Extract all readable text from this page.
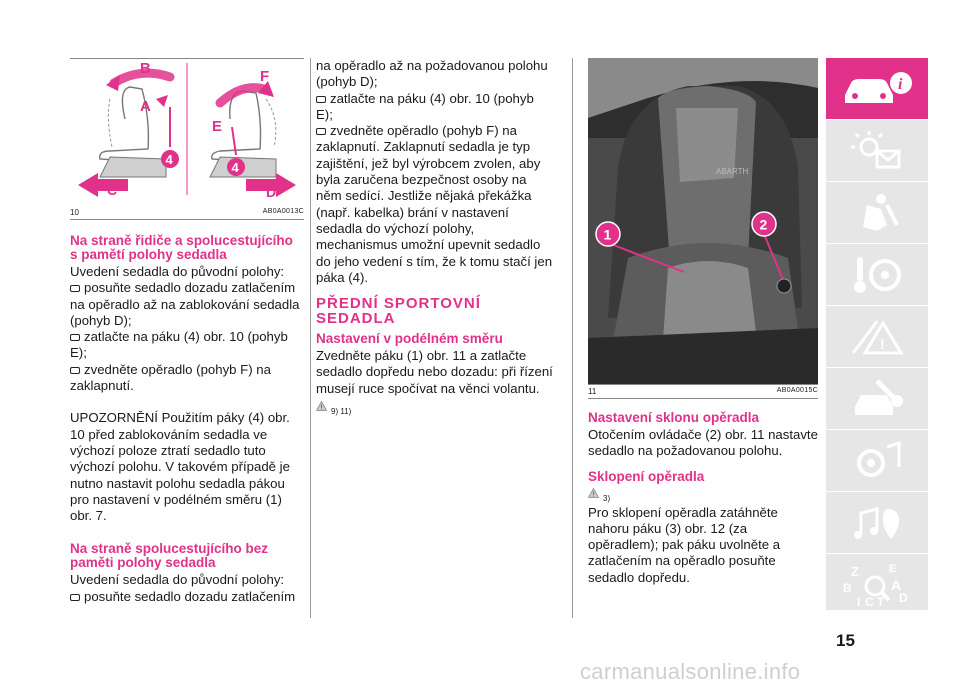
B
A
4
C
F
E
4
D
10	AB0A0013C
Na straně řidiče a spolucestujícího s pamětí polohy sedadla

Uvedení sedadla do původní polohy:

posuňte sedadlo dozadu zatlačením na opěradlo až na zablokování sedadla (pohyb D);

zatlačte na páku (4) obr. 10 (pohyb E);

zvedněte opěradlo (pohyb F) na zaklapnutí.

UPOZORNĚNÍ Použitím páky (4) obr. 10 před zablokováním sedadla ve výchozí poloze ztratí sedadlo tuto výchozí polohu. V takovém případě je nutno nastavit polohu sedadla pákou pro nastavení v podélném směru (1) obr. 7.

Na straně spolucestujícího bez paměti polohy sedadla

Uvedení sedadla do původní polohy:

posuňte sedadlo dozadu zatlačením

na opěradlo až na požadovanou polohu (pohyb D);

zatlačte na páku (4) obr. 10 (pohyb E);

zvedněte opěradlo (pohyb F) na zaklapnutí. Zaklapnutí sedadla je typ zajištění, jež byl výrobcem zvolen, aby byla zaručena bezpečnost osoby na něm sedící. Jestliže nějaká překážka (např. kabelka) brání v nastavení sedadla do výchozí polohy, mechanismus umožní upevnit sedadlo do jeho vedení s tím, že k tomu stačí jen páka (4).

PŘEDNÍ SPORTOVNÍ SEDADLA
Nastavení v podélném směru

Zvedněte páku (1) obr. 11 a zatlačte sedadlo dopředu nebo dozadu: při řízení musejí ruce spočívat na věnci volantu.

! 9) 11)
ABARTH
1
2
11	AB0A0015C
Nastavení sklonu opěradla

Otočením ovládače (2) obr. 11 nastavte sedadlo na požadovanou polohu.

Sklopení opěradla
! 3)

Pro sklopení opěradla zatáhněte nahoru páku (3) obr. 12 (za opěradlem); pak páku uvolněte a zatlačením na opěradlo posuňte sedadlo dopředu.

i
!
Z	E
B	A
D
I C T
15
carmanualsonline.info
